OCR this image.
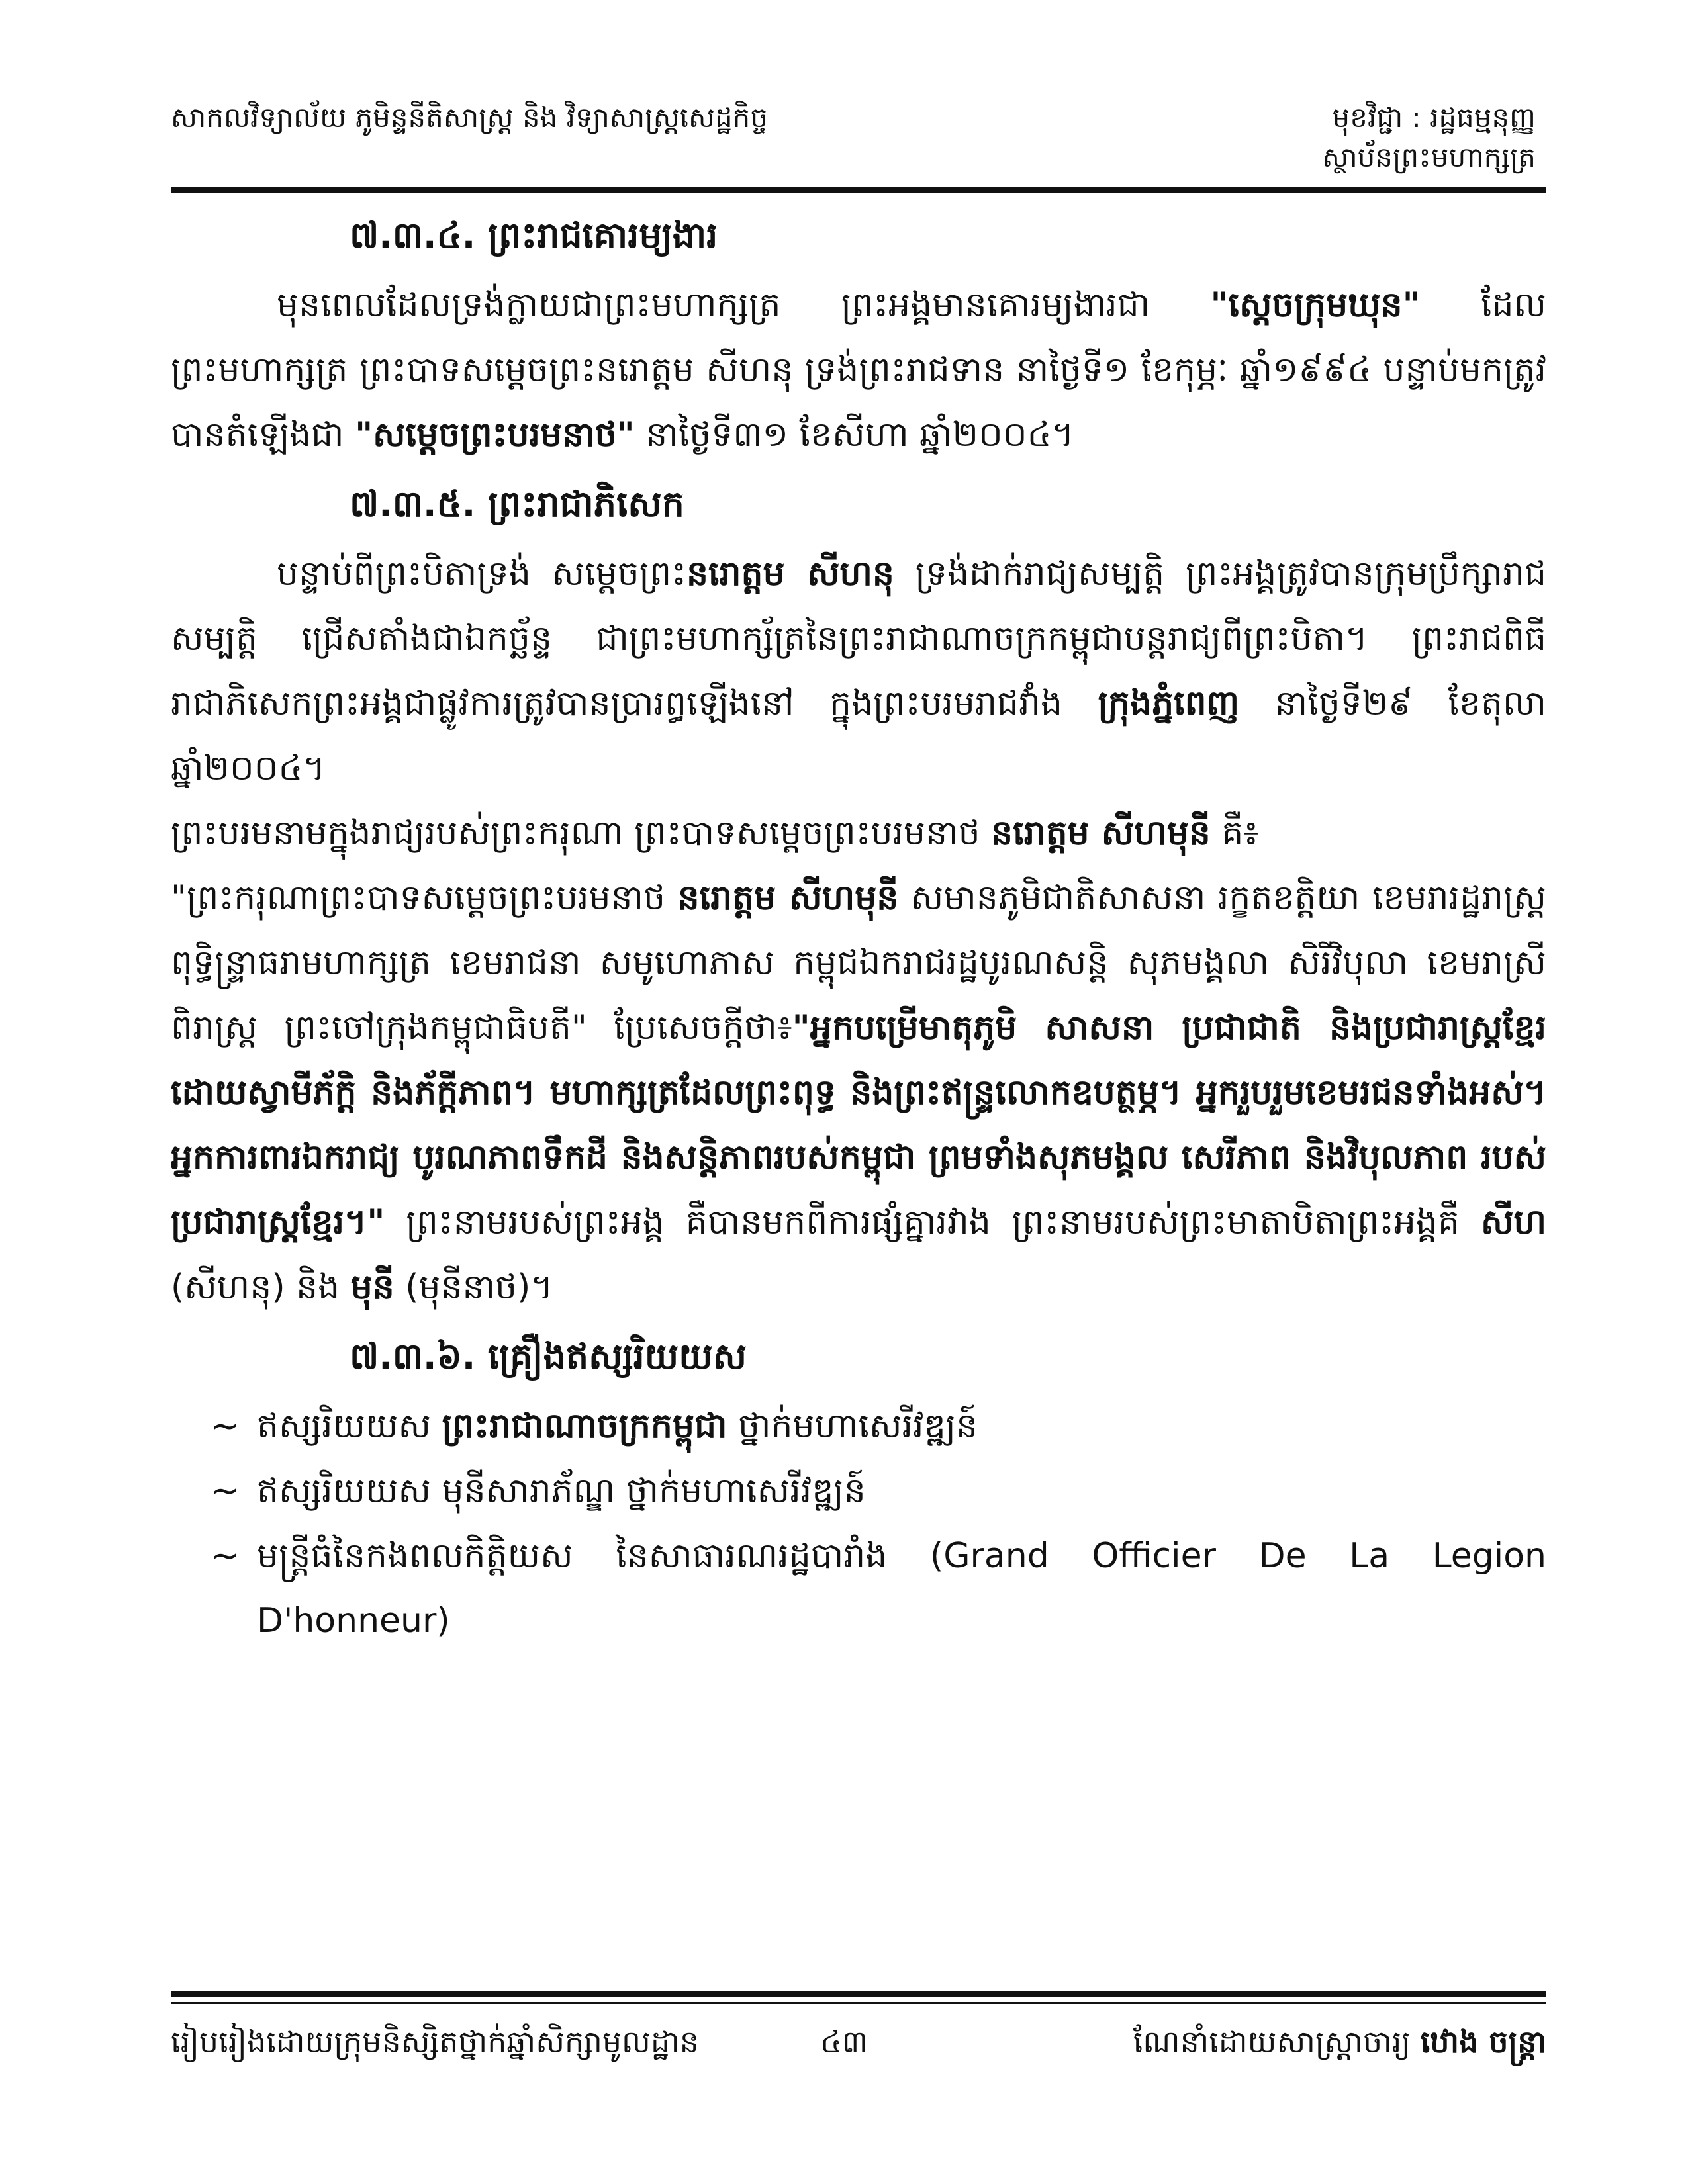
សាកលវិទ្យាល័យ ភូមិន្ទនីតិសាស្ត្រ និង វិទ្យាសាស្ត្រសេដ្ឋកិច្ច	មុខវិជ្ជា : រដ្ឋធម្មនុញ្ញ
ស្ថាប័នព្រះមហាក្សត្រ
៧.៣.៤. ព្រះរាជគោរម្យងារ

មុនពេលដែលទ្រង់ក្លាយជាព្រះមហាក្សត្រ ព្រះអង្គមានគោរម្យងារជា "ស្តេចក្រុមឃុន" ដែលព្រះមហាក្សត្រ ព្រះបាទសម្តេចព្រះនរោត្តម សីហនុ ទ្រង់ព្រះរាជទាន នាថ្ងៃទី១ ខែកុម្ភៈ ឆ្នាំ១៩៩៤ បន្ទាប់មកត្រូវបានតំឡើងជា "សម្តេចព្រះបរមនាថ" នាថ្ងៃទី៣១ ខែសីហា ឆ្នាំ២០០៤។

៧.៣.៥. ព្រះរាជាភិសេក

បន្ទាប់ពីព្រះបិតាទ្រង់ សម្តេចព្រះនរោត្តម សីហនុ ទ្រង់ដាក់រាជ្យសម្បត្តិ ព្រះអង្គត្រូវបានក្រុមប្រឹក្សារាជសម្បត្តិ ជ្រើសតាំងជាឯកច្ឆ័ន្ទ ជាព្រះមហាក្ស័ត្រនៃព្រះរាជាណាចក្រកម្ពុជាបន្តរាជ្យពីព្រះបិតា។ ព្រះរាជពិធីរាជាភិសេកព្រះអង្គជាផ្លូវការត្រូវបានប្រារព្ធឡើងនៅ ក្នុងព្រះបរមរាជវាំង ក្រុងភ្នំពេញ នាថ្ងៃទី២៩ ខែតុលា ឆ្នាំ២០០៤។

ព្រះបរមនាមក្នុងរាជ្យរបស់ព្រះករុណា ព្រះបាទសម្តេចព្រះបរមនាថ នរោត្តម សីហមុនី គឺ៖

"ព្រះករុណាព្រះបាទសម្តេចព្រះបរមនាថ នរោត្តម សីហមុនី សមានភូមិជាតិសាសនា រក្ខតខត្តិយា ខេមរារដ្ឋរាស្ត្រ ពុទ្ធិន្ទ្រាធរាមហាក្សត្រ ខេមរាជនា សមូហោភាស កម្ពុជឯករាជរដ្ឋបូរណសន្តិ សុភមង្គលា សិរីវិបុលា ខេមរាស្រីពិរាស្ត្រ ព្រះចៅក្រុងកម្ពុជាធិបតី" ប្រែសេចក្តីថា៖"អ្នកបម្រើមាតុភូមិ សាសនា ប្រជាជាតិ និងប្រជារាស្ត្រខ្មែរ ដោយស្វាមីភ័ក្តិ និងភ័ក្តីភាព។ មហាក្សត្រដែលព្រះពុទ្ធ និងព្រះឥន្ទ្រលោកឧបត្ថម្ភ។ អ្នករួបរួមខេមរជនទាំងអស់។ អ្នកការពារឯករាជ្យ បូរណភាពទឹកដី និងសន្តិភាពរបស់កម្ពុជា ព្រមទាំងសុភមង្គល សេរីភាព និងវិបុលភាព របស់ប្រជារាស្ត្រខ្មែរ។" ព្រះនាមរបស់ព្រះអង្គ គឺបានមកពីការផ្សំគ្នារវាង ព្រះនាមរបស់ព្រះមាតាបិតាព្រះអង្គគឺ សីហ (សីហនុ) និង មុនី (មុនីនាថ)។

៧.៣.៦. គ្រឿងឥស្សរិយយស

~ ឥស្សរិយយស ព្រះរាជាណាចក្រកម្ពុជា ថ្នាក់មហាសេរីវឌ្ឍន៍

~ ឥស្សរិយយស មុនីសារាភ័ណ្ឌ ថ្នាក់មហាសេរីវឌ្ឍន៍

~ មន្ត្រីធំនៃកងពលកិត្តិយស នៃសាធារណរដ្ឋបារាំង (Grand Officier De La Legion D'honneur)

រៀបរៀងដោយក្រុមនិស្សិតថ្នាក់ឆ្នាំសិក្សាមូលដ្ឋាន	៤៣	ណែនាំដោយសាស្ត្រាចារ្យ ឋោង ចន្ត្រា
